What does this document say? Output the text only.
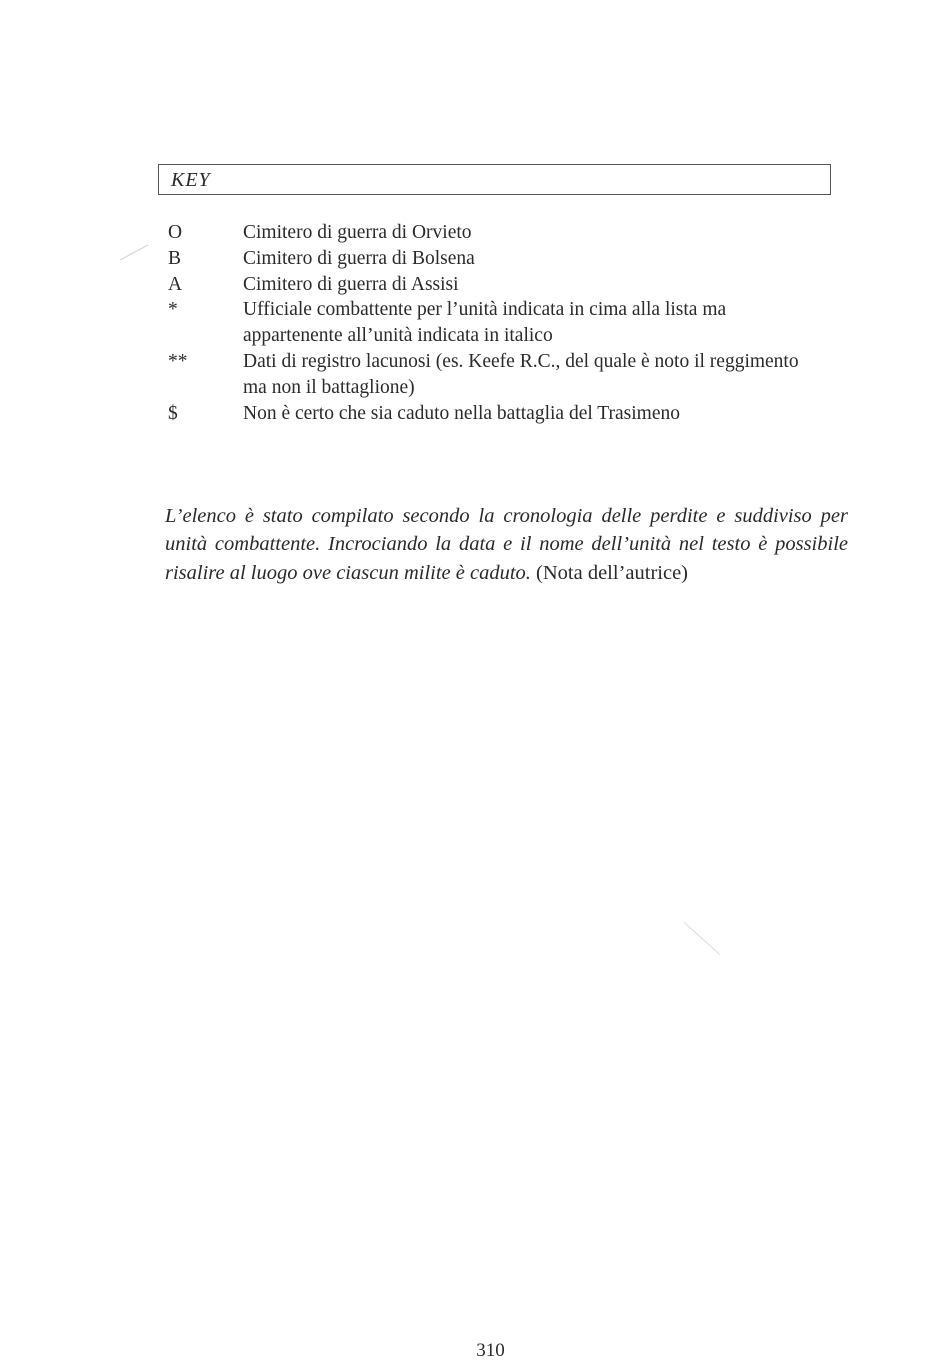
KEY
O	Cimitero di guerra di Orvieto
B	Cimitero di guerra di Bolsena
A	Cimitero di guerra di Assisi
*	Ufficiale combattente per l’unità indicata in cima alla lista ma appartenente all’unità indicata in italico
**	Dati di registro lacunosi (es. Keefe R.C., del quale è noto il reggimento ma non il battaglione)
$	Non è certo che sia caduto nella battaglia del Trasimeno

L’elenco è stato compilato secondo la cronologia delle perdite e suddiviso per unità combattente. Incrociando la data e il nome dell’unità nel testo è possibile risalire al luogo ove ciascun milite è caduto. (Nota dell’autrice)

310
